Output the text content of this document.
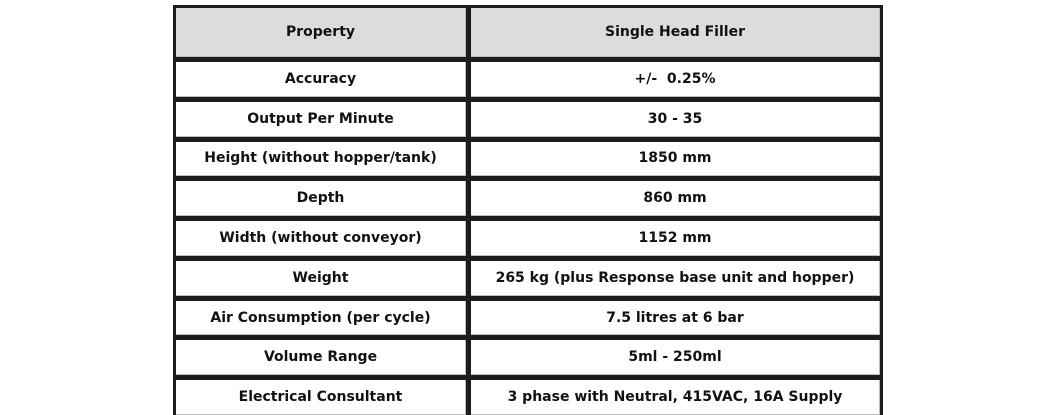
Property	Single Head Filler
Accuracy	+/-  0.25%
Output Per Minute	30 - 35
Height (without hopper/tank)	1850 mm
Depth	860 mm
Width (without conveyor)	1152 mm
Weight	265 kg (plus Response base unit and hopper)
Air Consumption (per cycle)	7.5 litres at 6 bar
Volume Range	5ml - 250ml
Electrical Consultant	3 phase with Neutral, 415VAC, 16A Supply
